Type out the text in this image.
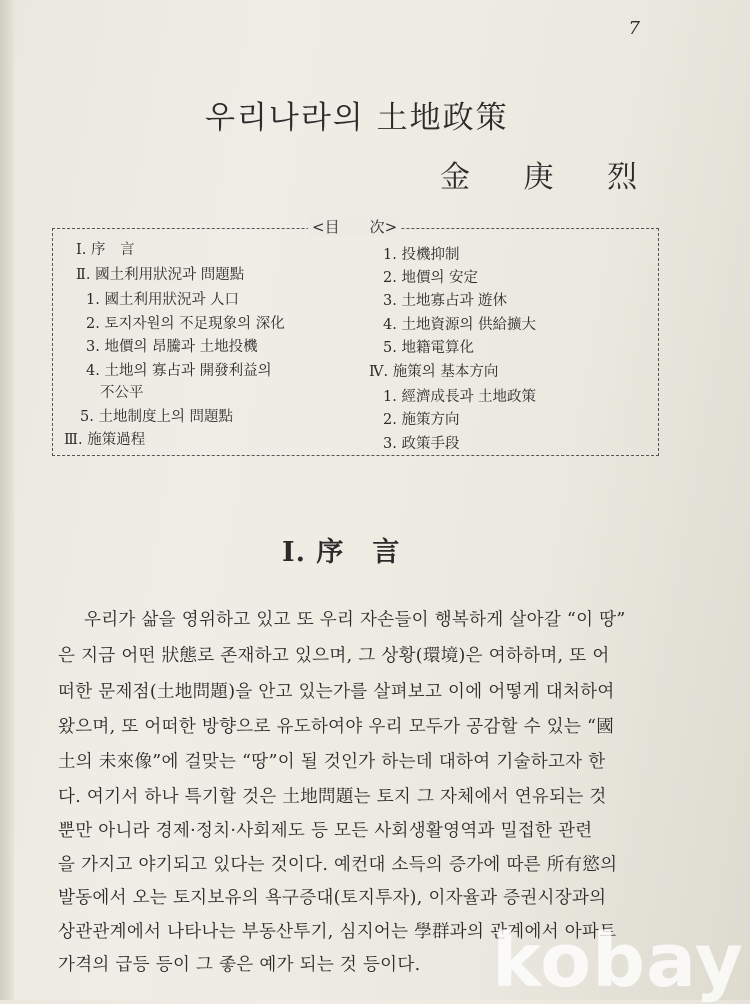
7
우리나라의 土地政策
金 庚 烈
<目　　次>
Ⅰ. 序　言
Ⅱ. 國土利用狀況과 問題點
1. 國土利用狀況과 人口
2. 토지자원의 不足現象의 深化
3. 地價의 昂騰과 土地投機
4. 土地의 寡占과 開發利益의
不公平
5. 土地制度上의 問題點
Ⅲ. 施策過程
1. 投機抑制
2. 地價의 安定
3. 土地寡占과 遊休
4. 土地資源의 供給擴大
5. 地籍電算化
Ⅳ. 施策의 基本方向
1. 經濟成長과 土地政策
2. 施策方向
3. 政策手段
Ⅰ. 序　言
우리가 삶을 영위하고 있고 또 우리 자손들이 행복하게 살아갈 “이 땅”
은 지금 어떤 狀態로 존재하고 있으며, 그 상황(環境)은 여하하며, 또 어
떠한 문제점(土地問題)을 안고 있는가를 살펴보고 이에 어떻게 대처하여
왔으며, 또 어떠한 방향으로 유도하여야 우리 모두가 공감할 수 있는 “國
土의 未來像”에 걸맞는 “땅”이 될 것인가 하는데 대하여 기술하고자 한
다. 여기서 하나 특기할 것은 土地問題는 토지 그 자체에서 연유되는 것
뿐만 아니라 경제·정치·사회제도 등 모든 사회생활영역과 밀접한 관련
을 가지고 야기되고 있다는 것이다. 예컨대 소득의 증가에 따른 所有慾의
발동에서 오는 토지보유의 욕구증대(토지투자), 이자율과 증권시장과의
상관관계에서 나타나는 부동산투기, 심지어는 學群과의 관계에서 아파트
가격의 급등 등이 그 좋은 예가 되는 것 등이다. kobay
